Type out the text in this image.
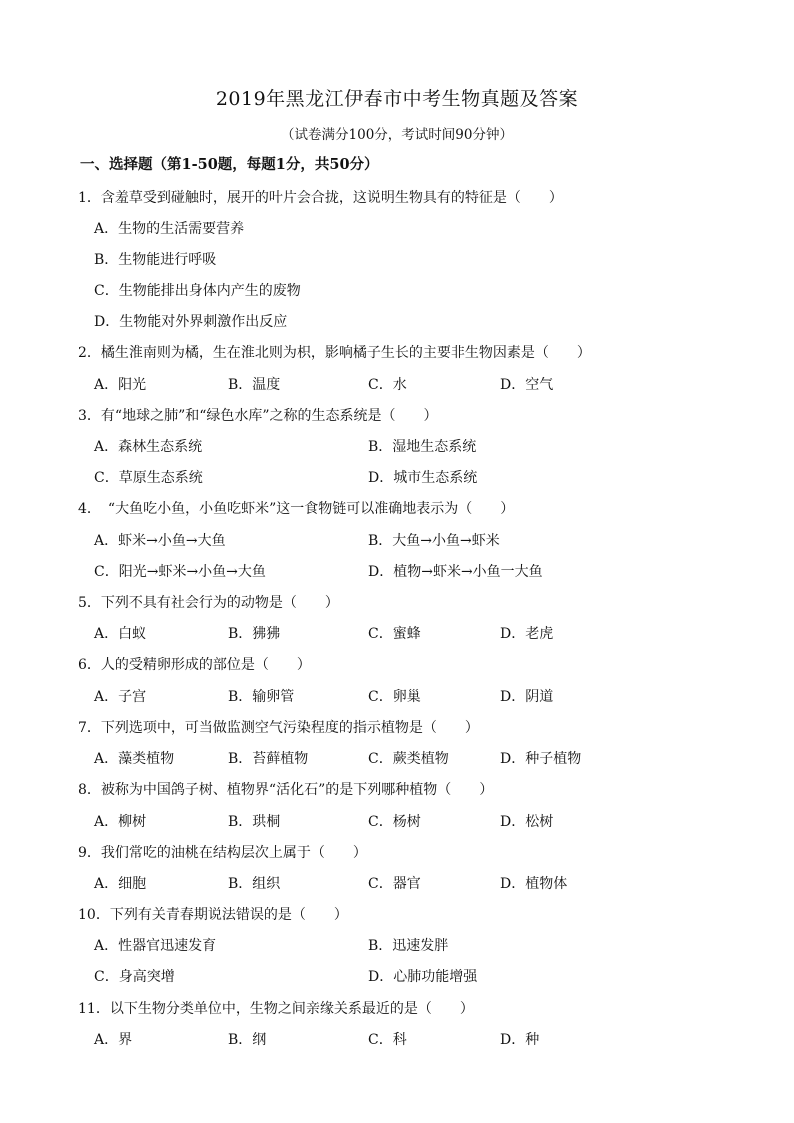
2019年黑龙江伊春市中考生物真题及答案
（试卷满分100分，考试时间90分钟）
一、选择题（第1-50题，每题1分，共50分）
1．含羞草受到碰触时，展开的叶片会合拢，这说明生物具有的特征是（　　）
A．生物的生活需要营养
B．生物能进行呼吸
C．生物能排出身体内产生的废物
D．生物能对外界刺激作出反应
2．橘生淮南则为橘，生在淮北则为枳，影响橘子生长的主要非生物因素是（　　）
A．阳光	B．温度	C．水	D．空气
3．有“地球之肺”和“绿色水库”之称的生态系统是（　　）
A．森林生态系统	B．湿地生态系统
C．草原生态系统	D．城市生态系统
4．　“大鱼吃小鱼，小鱼吃虾米”这一食物链可以准确地表示为（　　）
A．虾米→小鱼→大鱼	B．大鱼→小鱼→虾米
C．阳光→虾米→小鱼→大鱼	D．植物→虾米→小鱼一大鱼
5．下列不具有社会行为的动物是（　　）
A．白蚁	B．狒狒	C．蜜蜂	D．老虎
6．人的受精卵形成的部位是（　　）
A．子宫	B．输卵管	C．卵巢	D．阴道
7．下列选项中，可当做监测空气污染程度的指示植物是（　　）
A．藻类植物	B．苔藓植物	C．蕨类植物	D．种子植物
8．被称为中国鸽子树、植物界“活化石”的是下列哪种植物（　　）
A．柳树	B．珙桐	C．杨树	D．松树
9．我们常吃的油桃在结构层次上属于（　　）
A．细胞	B．组织	C．器官	D．植物体
10．下列有关青春期说法错误的是（　　）
A．性器官迅速发育	B．迅速发胖
C．身高突增	D．心肺功能增强
11．以下生物分类单位中，生物之间亲缘关系最近的是（　　）
A．界	B．纲	C．科	D．种
